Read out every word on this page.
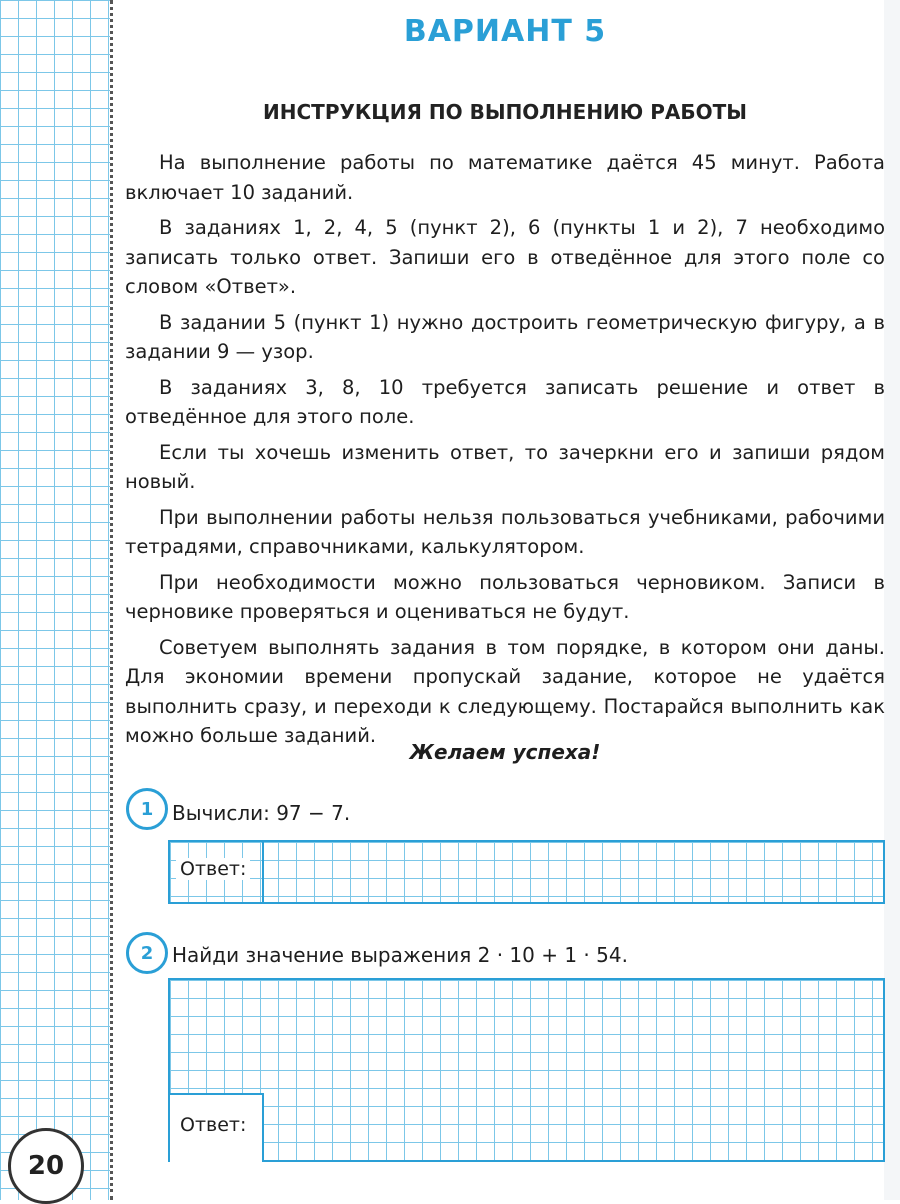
20
ВАРИАНТ 5
ИНСТРУКЦИЯ ПО ВЫПОЛНЕНИЮ РАБОТЫ

На выполнение работы по математике даётся 45 минут. Работа включает 10 заданий.

В заданиях 1, 2, 4, 5 (пункт 2), 6 (пункты 1 и 2), 7 необходимо записать только ответ. Запиши его в отведённое для этого поле со словом «Ответ».

В задании 5 (пункт 1) нужно достроить геометрическую фигуру, а в задании 9 — узор.

В заданиях 3, 8, 10 требуется записать решение и ответ в отведённое для этого поле.

Если ты хочешь изменить ответ, то зачеркни его и запиши рядом новый.

При выполнении работы нельзя пользоваться учебниками, рабочими тетрадями, справочниками, калькулятором.

При необходимости можно пользоваться черновиком. Записи в черновике проверяться и оцениваться не будут.

Советуем выполнять задания в том порядке, в котором они даны. Для экономии времени пропускай задание, которое не удаётся выполнить сразу, и переходи к следующему. Постарайся выполнить как можно больше заданий.

Желаем успеха!
1 Вычисли: 97 − 7.
Ответ:
2 Найди значение выражения 2 · 10 + 1 · 54.
Ответ:
